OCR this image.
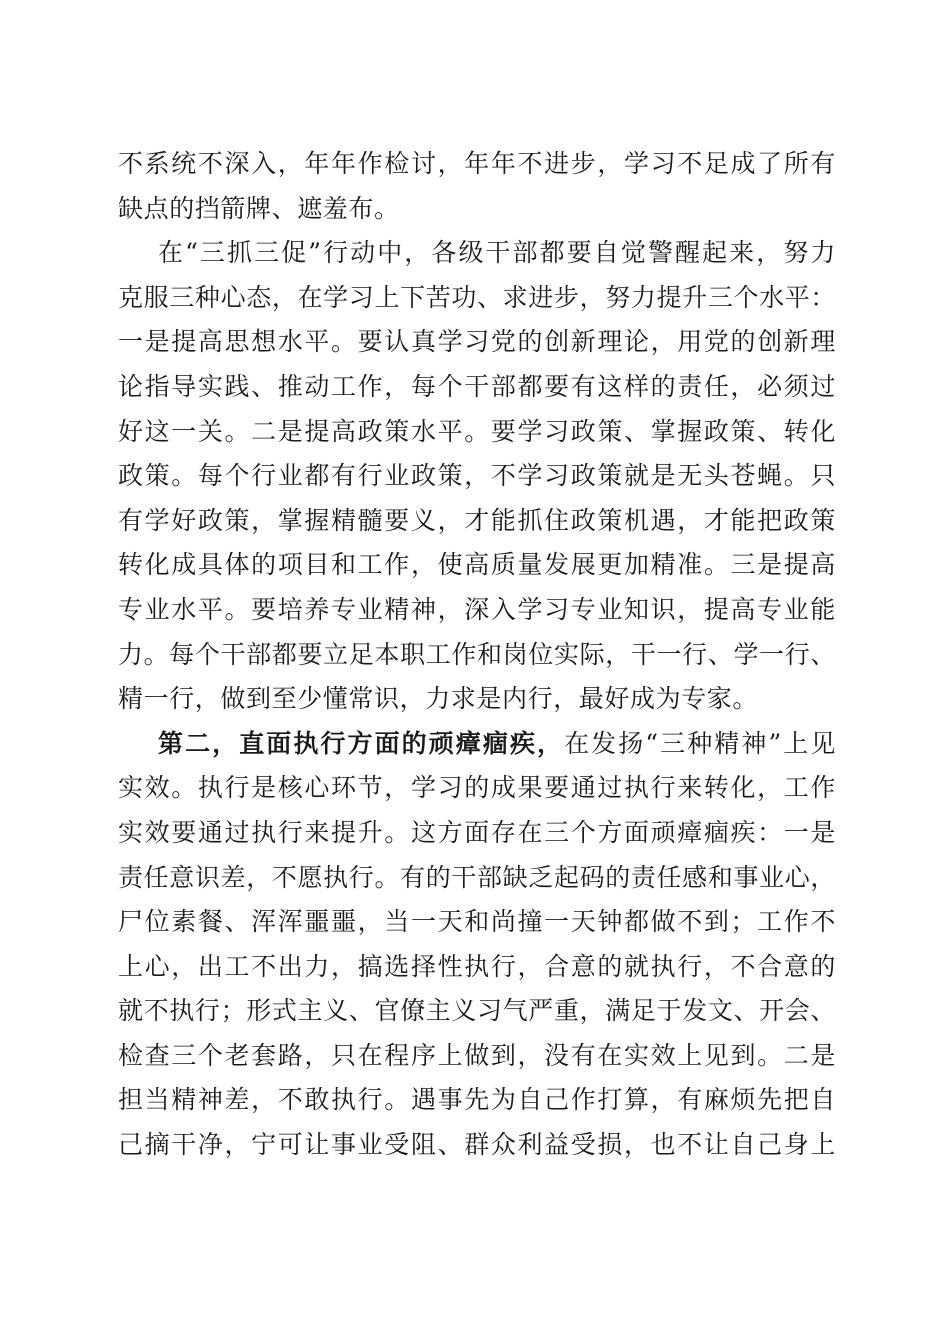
不系统不深入，年年作检讨，年年不进步，学习不足成了所有
缺点的挡箭牌、遮羞布。
在“三抓三促”行动中，各级干部都要自觉警醒起来，努力
克服三种心态，在学习上下苦功、求进步，努力提升三个水平：
一是提高思想水平。要认真学习党的创新理论，用党的创新理
论指导实践、推动工作，每个干部都要有这样的责任，必须过
好这一关。二是提高政策水平。要学习政策、掌握政策、转化
政策。每个行业都有行业政策，不学习政策就是无头苍蝇。只
有学好政策，掌握精髓要义，才能抓住政策机遇，才能把政策
转化成具体的项目和工作，使高质量发展更加精准。三是提高
专业水平。要培养专业精神，深入学习专业知识，提高专业能
力。每个干部都要立足本职工作和岗位实际，干一行、学一行、
精一行，做到至少懂常识，力求是内行，最好成为专家。
第二，直面执行方面的顽瘴痼疾，在发扬“三种精神”上见
实效。执行是核心环节，学习的成果要通过执行来转化，工作
实效要通过执行来提升。这方面存在三个方面顽瘴痼疾：一是
责任意识差，不愿执行。有的干部缺乏起码的责任感和事业心，
尸位素餐、浑浑噩噩，当一天和尚撞一天钟都做不到；工作不
上心，出工不出力，搞选择性执行，合意的就执行，不合意的
就不执行；形式主义、官僚主义习气严重，满足于发文、开会、
检查三个老套路，只在程序上做到，没有在实效上见到。二是
担当精神差，不敢执行。遇事先为自己作打算，有麻烦先把自
己摘干净，宁可让事业受阻、群众利益受损，也不让自己身上
